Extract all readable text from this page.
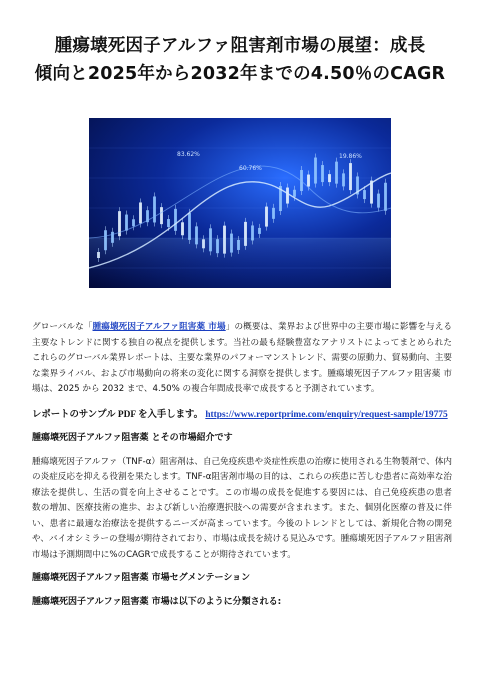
腫瘍壊死因子アルファ阻害剤市場の展望：成長
傾向と2025年から2032年までの4.50％のCAGR
83.62%
60.76%
19.86%

グローバルな「腫瘍壊死因子アルファ阻害薬 市場」の概要は、業界および世界中の主要市場に影響を与える主要なトレンドに関する独自の視点を提供します。当社の最も経験豊富なアナリストによってまとめられたこれらのグローバル業界レポートは、主要な業界のパフォーマンストレンド、需要の原動力、貿易動向、主要な業界ライバル、および市場動向の将来の変化に関する洞察を提供します。腫瘍壊死因子アルファ阻害薬 市場は、2025 から 2032 まで、4.50% の複合年間成長率で成長すると予測されています。

レポートのサンプル PDF を入手します。 https://www.reportprime.com/enquiry/request-sample/19775

腫瘍壊死因子アルファ阻害薬 とその市場紹介です

腫瘍壊死因子アルファ（TNF-α）阻害剤は、自己免疫疾患や炎症性疾患の治療に使用される生物製剤で、体内の炎症反応を抑える役割を果たします。TNF-α阻害剤市場の目的は、これらの疾患に苦しむ患者に高効率な治療法を提供し、生活の質を向上させることです。この市場の成長を促進する要因には、自己免疫疾患の患者数の増加、医療技術の進歩、および新しい治療選択肢への需要が含まれます。また、個別化医療の普及に伴い、患者に最適な治療法を提供するニーズが高まっています。今後のトレンドとしては、新規化合物の開発や、バイオシミラーの登場が期待されており、市場は成長を続ける見込みです。腫瘍壊死因子アルファ阻害剤市場は予測期間中に%のCAGRで成長することが期待されています。

腫瘍壊死因子アルファ阻害薬 市場セグメンテーション
腫瘍壊死因子アルファ阻害薬 市場は以下のように分類される:
